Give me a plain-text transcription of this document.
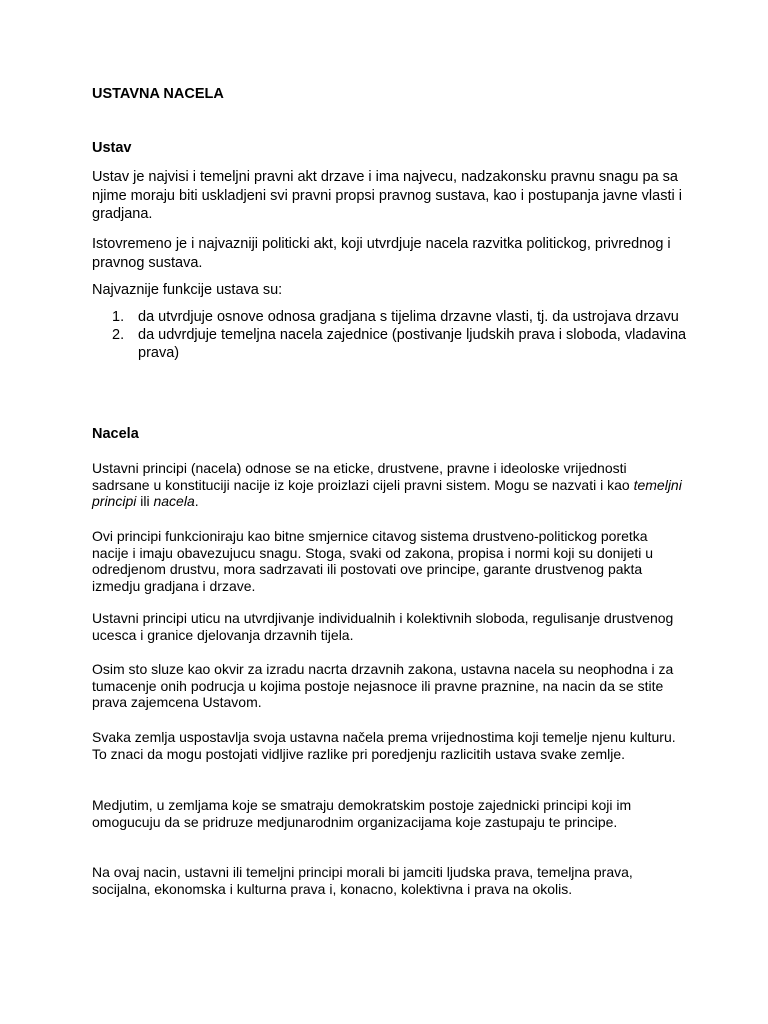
USTAVNA NACELA
Ustav

Ustav je najvisi i temeljni pravni akt drzave i ima najvecu, nadzakonsku pravnu snagu pa sa njime moraju biti uskladjeni svi pravni propsi pravnog sustava, kao i postupanja javne vlasti i gradjana.

Istovremeno je i najvazniji politicki akt, koji utvrdjuje nacela razvitka politickog, privrednog i pravnog sustava.

Najvaznije funkcije ustava su:

1. da utvrdjuje osnove odnosa gradjana s tijelima drzavne vlasti, tj. da ustrojava drzavu
2. da udvrdjuje temeljna nacela zajednice (postivanje ljudskih prava i sloboda, vladavina prava)
Nacela

Ustavni principi (nacela) odnose se na eticke, drustvene, pravne i ideoloske vrijednosti sadrsane u konstituciji nacije iz koje proizlazi cijeli pravni sistem. Mogu se nazvati i kao temeljni principi ili nacela.

Ovi principi funkcioniraju kao bitne smjernice citavog sistema drustveno-politickog poretka nacije i imaju obavezujucu snagu. Stoga, svaki od zakona, propisa i normi koji su donijeti u odredjenom drustvu, mora sadrzavati ili postovati ove principe, garante drustvenog pakta izmedju gradjana i drzave.

Ustavni principi uticu na utvrdjivanje individualnih i kolektivnih sloboda, regulisanje drustvenog ucesca i granice djelovanja drzavnih tijela.

Osim sto sluze kao okvir za izradu nacrta drzavnih zakona, ustavna nacela su neophodna i za tumacenje onih podrucja u kojima postoje nejasnoce ili pravne praznine, na nacin da se stite prava zajemcena Ustavom.

Svaka zemlja uspostavlja svoja ustavna načela prema vrijednostima koji temelje njenu kulturu. To znaci da mogu postojati vidljive razlike pri poredjenju razlicitih ustava svake zemlje.

Medjutim, u zemljama koje se smatraju demokratskim postoje zajednicki principi koji im omogucuju da se pridruze medjunarodnim organizacijama koje zastupaju te principe.

Na ovaj nacin, ustavni ili temeljni principi morali bi jamciti ljudska prava, temeljna prava, socijalna, ekonomska i kulturna prava i, konacno, kolektivna i prava na okolis.
